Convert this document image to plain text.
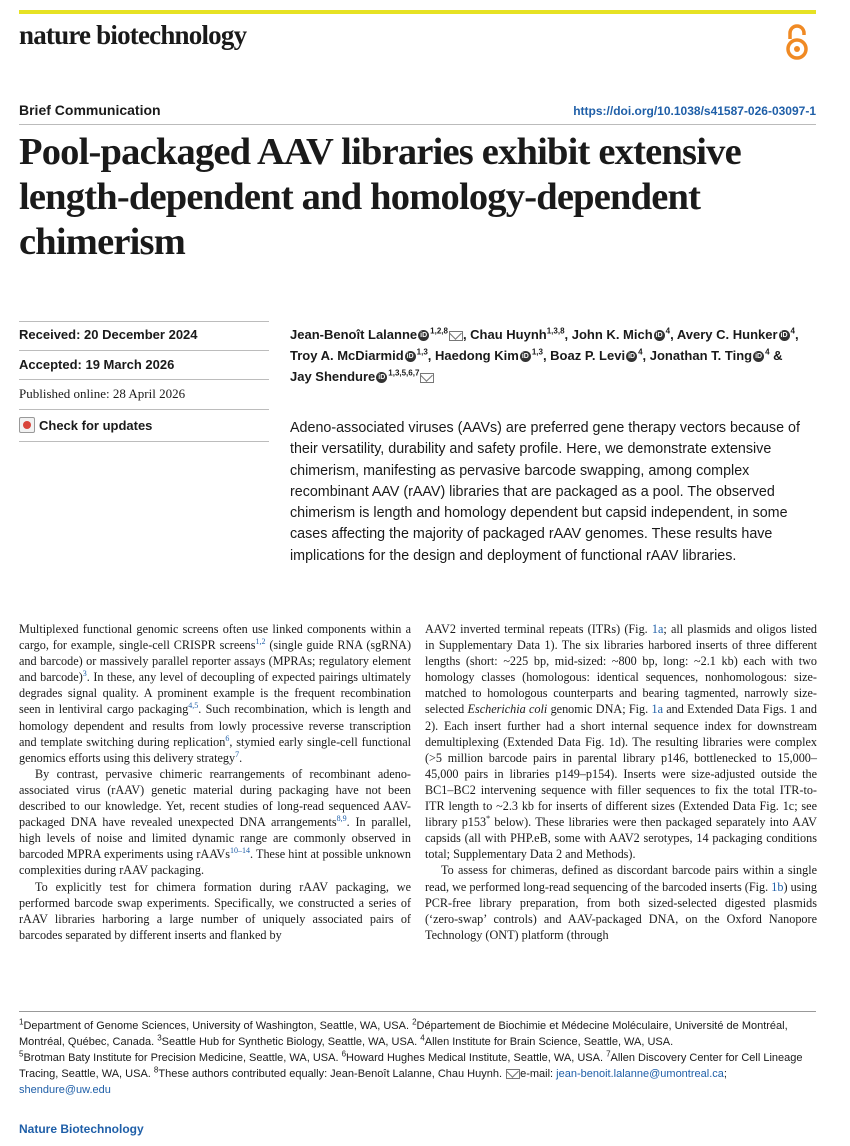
nature biotechnology
Brief Communication	https://doi.org/10.1038/s41587-026-03097-1
Pool-packaged AAV libraries exhibit extensive length-dependent and homology-dependent chimerism
Received: 20 December 2024
Accepted: 19 March 2026
Published online: 28 April 2026
Check for updates
Jean-Benoît Lalanne iD $^{1,2,8}$ , Chau Huynh$^{1,3,8}$, John K. Mich iD $^4$, Avery C. Hunker iD $^4$, Troy A. McDiarmid iD $^{1,3}$, Haedong Kim iD $^{1,3}$, Boaz P. Levi iD $^4$, Jonathan T. Ting iD $^4$ & Jay Shendure iD $^{1,3,5,6,7}$

Adeno-associated viruses (AAVs) are preferred gene therapy vectors because of their versatility, durability and safety profile. Here, we demonstrate extensive chimerism, manifesting as pervasive barcode swapping, among complex recombinant AAV (rAAV) libraries that are packaged as a pool. The observed chimerism is length and homology dependent but capsid independent, in some cases affecting the majority of packaged rAAV genomes. These results have implications for the design and deployment of functional rAAV libraries.

Multiplexed functional genomic screens often use linked components within a cargo, for example, single-cell CRISPR screens$^{1,2}$ (single guide RNA (sgRNA) and barcode) or massively parallel reporter assays (MPRAs; regulatory element and barcode)$^3$. In these, any level of decoupling of expected pairings ultimately degrades signal quality. A prominent example is the frequent recombination seen in lentiviral cargo packaging$^{4,5}$. Such recombination, which is length and homology dependent and results from lowly processive reverse transcription and template switching during replication$^6$, stymied early single-cell functional genomics efforts using this delivery strategy$^7$.

By contrast, pervasive chimeric rearrangements of recombinant adeno-associated virus (rAAV) genetic material during packaging have not been described to our knowledge. Yet, recent studies of long-read sequenced AAV-packaged DNA have revealed unexpected DNA arrangements$^{8,9}$. In parallel, high levels of noise and limited dynamic range are commonly observed in barcoded MPRA experiments using rAAVs$^{10-14}$. These hint at possible unknown complexities during rAAV packaging.

To explicitly test for chimera formation during rAAV packaging, we performed barcode swap experiments. Specifically, we constructed a series of rAAV libraries harboring a large number of uniquely associated pairs of barcodes separated by different inserts and flanked by

AAV2 inverted terminal repeats (ITRs) (Fig. 1a; all plasmids and oligos listed in Supplementary Data 1). The six libraries harbored inserts of three different lengths (short: ~225 bp, mid-sized: ~800 bp, long: ~2.1 kb) each with two homology classes (homologous: identical sequences, nonhomologous: size-matched to homologous counterparts and bearing tagmented, narrowly size-selected Escherichia coli genomic DNA; Fig. 1a and Extended Data Figs. 1 and 2). Each insert further had a short internal sequence index for downstream demultiplexing (Extended Data Fig. 1d). The resulting libraries were complex (>5 million barcode pairs in parental library p146, bottlenecked to 15,000–45,000 pairs in libraries p149–p154). Inserts were size-adjusted outside the BC1–BC2 intervening sequence with filler sequences to fix the total ITR-to-ITR length to ~2.3 kb for inserts of different sizes (Extended Data Fig. 1c; see library p153* below). These libraries were then packaged separately into AAV capsids (all with PHP.eB, some with AAV2 serotypes, 14 packaging conditions total; Supplementary Data 2 and Methods).

To assess for chimeras, defined as discordant barcode pairs within a single read, we performed long-read sequencing of the barcoded inserts (Fig. 1b) using PCR-free library preparation, from both sized-selected digested plasmids (‘zero-swap’ controls) and AAV-packaged DNA, on the Oxford Nanopore Technology (ONT) platform (through

$^1$Department of Genome Sciences, University of Washington, Seattle, WA, USA. $^2$Département de Biochimie et Médecine Moléculaire, Université de Montréal, Montréal, Québec, Canada. $^3$Seattle Hub for Synthetic Biology, Seattle, WA, USA. $^4$Allen Institute for Brain Science, Seattle, WA, USA.
$^5$Brotman Baty Institute for Precision Medicine, Seattle, WA, USA. $^6$Howard Hughes Medical Institute, Seattle, WA, USA. $^7$Allen Discovery Center for Cell Lineage Tracing, Seattle, WA, USA. $^8$These authors contributed equally: Jean-Benoît Lalanne, Chau Huynh. e-mail: jean-benoit.lalanne@umontreal.ca; shendure@uw.edu
Nature Biotechnology
